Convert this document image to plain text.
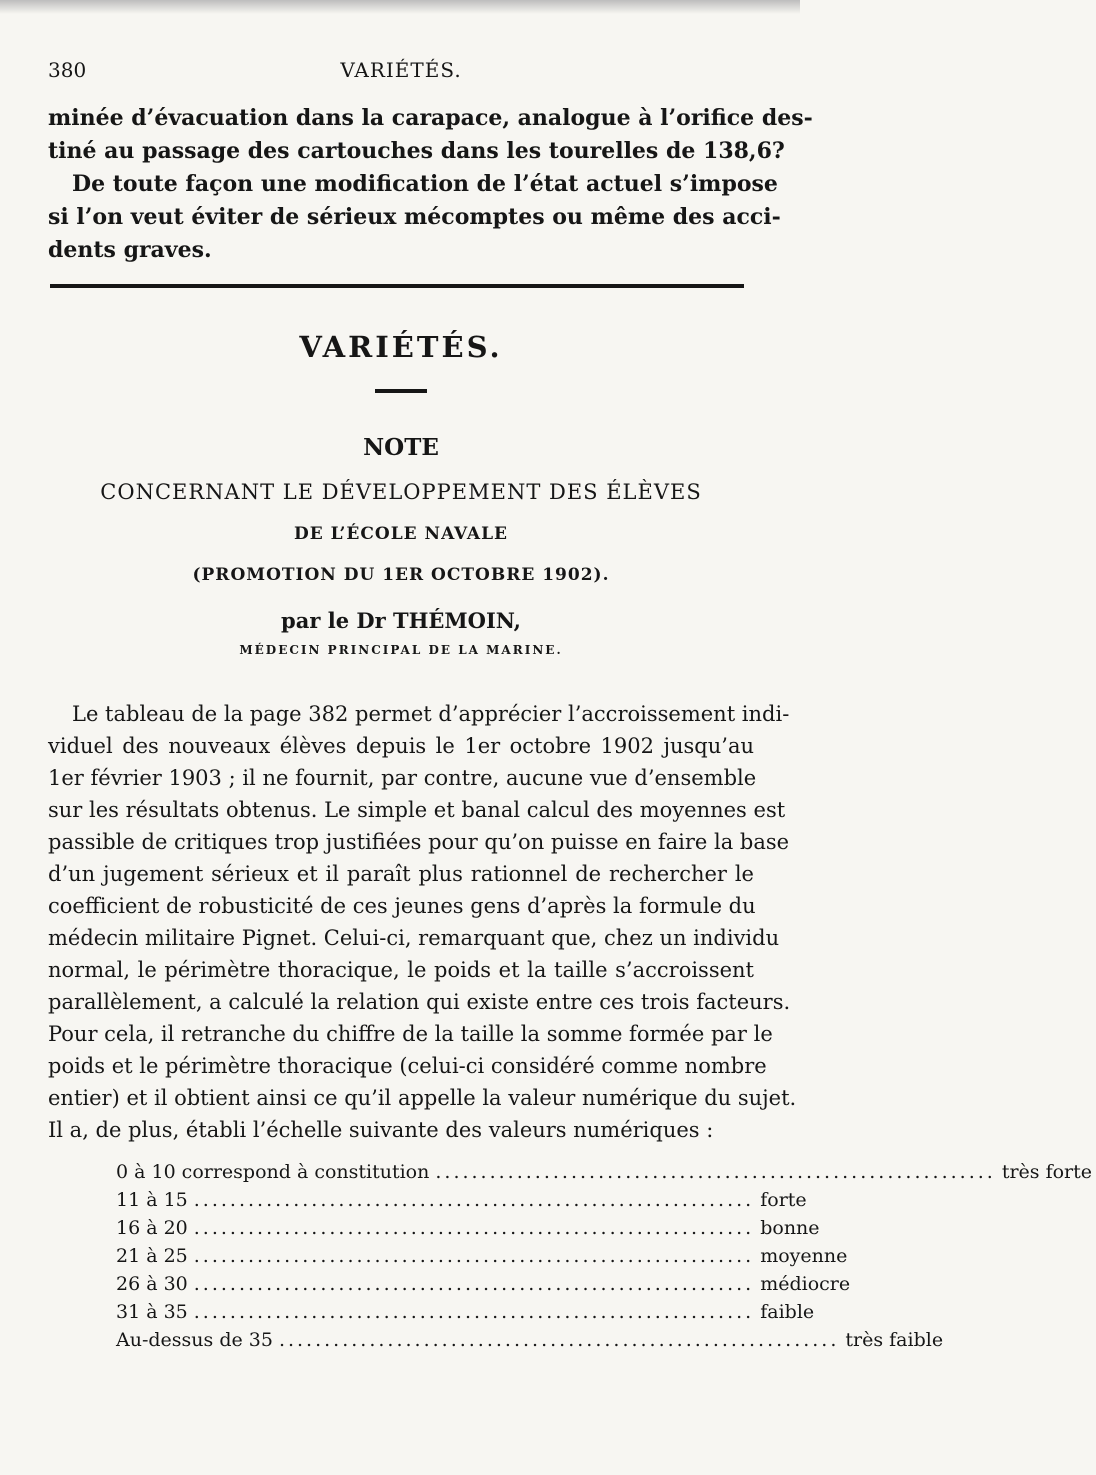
380	VARIÉTÉS.

minée d’évacuation dans la carapace, analogue à l’orifice des-
tiné au passage des cartouches dans les tourelles de 138,6?
De toute façon une modification de l’état actuel s’impose
si l’on veut éviter de sérieux mécomptes ou même des acci-
dents graves.

VARIÉTÉS.

NOTE

CONCERNANT LE DÉVELOPPEMENT DES ÉLÈVES

DE L’ÉCOLE NAVALE

(PROMOTION DU 1ER OCTOBRE 1902).

par le Dr THÉMOIN,

MÉDECIN PRINCIPAL DE LA MARINE.

Le tableau de la page 382 permet d’apprécier l’accroissement indi-
viduel des nouveaux élèves depuis le 1er octobre 1902 jusqu’au
1er février 1903 ; il ne fournit, par contre, aucune vue d’ensemble
sur les résultats obtenus. Le simple et banal calcul des moyennes est
passible de critiques trop justifiées pour qu’on puisse en faire la base
d’un jugement sérieux et il paraît plus rationnel de rechercher le
coefficient de robusticité de ces jeunes gens d’après la formule du
médecin militaire Pignet. Celui-ci, remarquant que, chez un individu
normal, le périmètre thoracique, le poids et la taille s’accroissent
parallèlement, a calculé la relation qui existe entre ces trois facteurs.
Pour cela, il retranche du chiffre de la taille la somme formée par le
poids et le périmètre thoracique (celui-ci considéré comme nombre
entier) et il obtient ainsi ce qu’il appelle la valeur numérique du sujet.
Il a, de plus, établi l’échelle suivante des valeurs numériques :

0 à 10 correspond à constitution .............................................................. très forte
11 à 15 .............................................................. forte
16 à 20 .............................................................. bonne
21 à 25 .............................................................. moyenne
26 à 30 .............................................................. médiocre
31 à 35 .............................................................. faible
Au-dessus de 35 .............................................................. très faible
